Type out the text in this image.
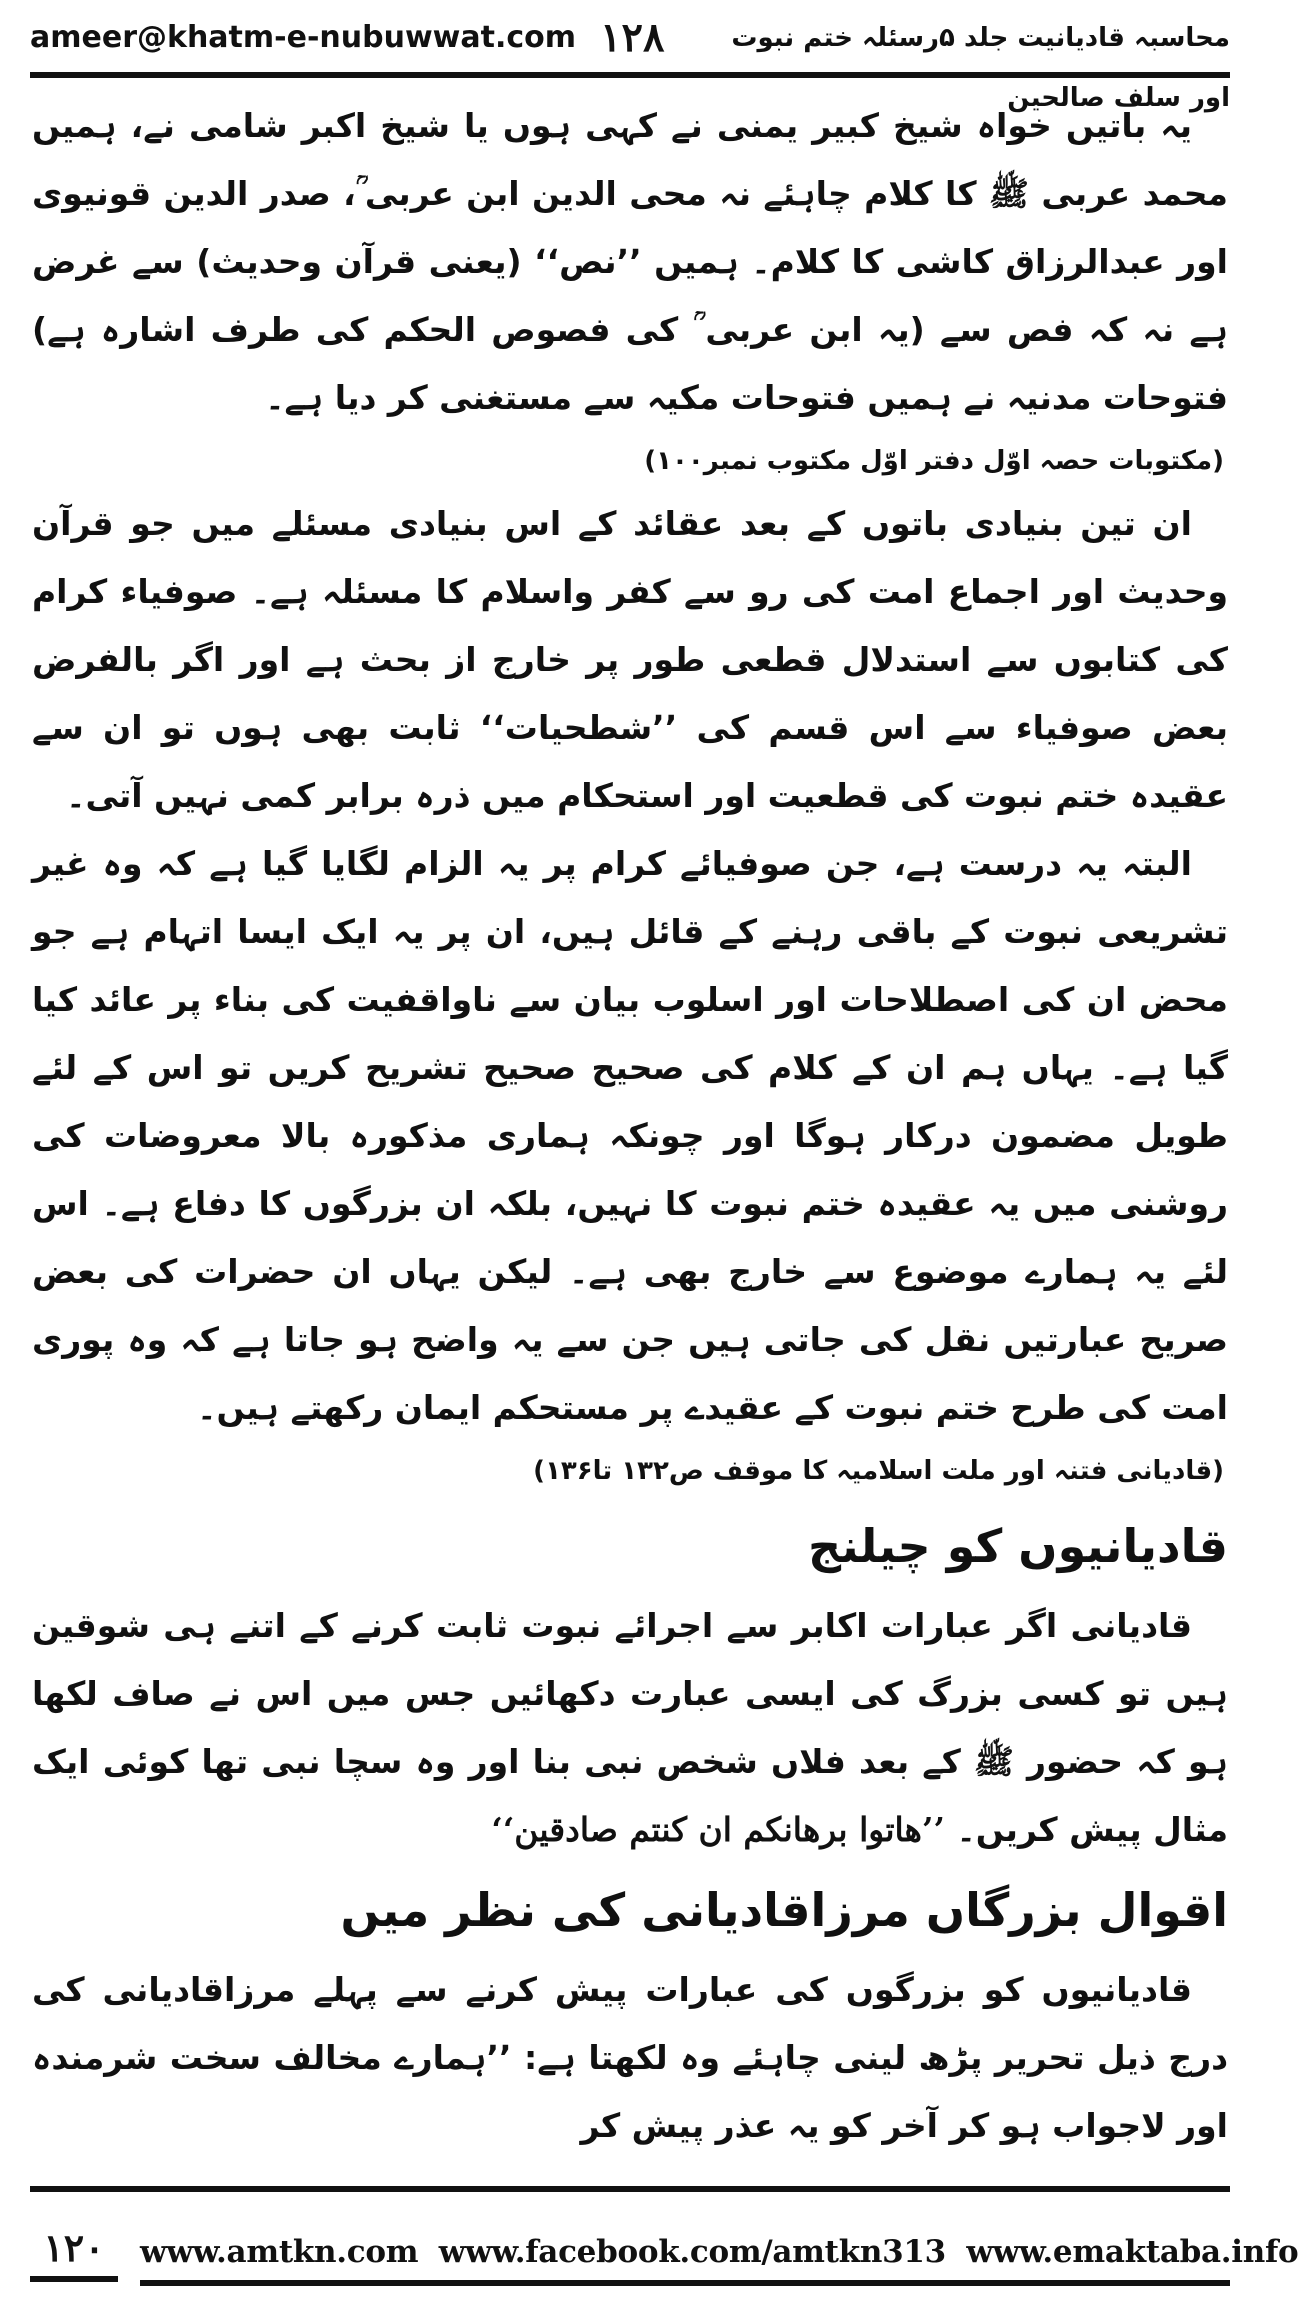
ameer@khatm-e-nubuwwat.com ۱۲۸	محاسبہ قادیانیت جلد ۵رسئلہ ختم نبوت اور سلف صالحین

یہ باتیں خواہ شیخ کبیر یمنی نے کہی ہوں یا شیخ اکبر شامی نے، ہمیں محمد عربی ﷺ کا کلام چاہئے نہ محی الدین ابن عربی ؒ، صدر الدین قونیوی اور عبدالرزاق کاشی کا کلام۔ ہمیں ’’نص‘‘ (یعنی قرآن وحدیث) سے غرض ہے نہ کہ فص سے (یہ ابن عربی ؒ کی فصوص الحکم کی طرف اشارہ ہے) فتوحات مدنیہ نے ہمیں فتوحات مکیہ سے مستغنی کر دیا ہے۔

(مکتوبات حصہ اوّل دفتر اوّل مکتوب نمبر۱۰۰)

ان تین بنیادی باتوں کے بعد عقائد کے اس بنیادی مسئلے میں جو قرآن وحدیث اور اجماع امت کی رو سے کفر واسلام کا مسئلہ ہے۔ صوفیاء کرام کی کتابوں سے استدلال قطعی طور پر خارج از بحث ہے اور اگر بالفرض بعض صوفیاء سے اس قسم کی ’’شطحیات‘‘ ثابت بھی ہوں تو ان سے عقیدہ ختم نبوت کی قطعیت اور استحکام میں ذرہ برابر کمی نہیں آتی۔

البتہ یہ درست ہے، جن صوفیائے کرام پر یہ الزام لگایا گیا ہے کہ وہ غیر تشریعی نبوت کے باقی رہنے کے قائل ہیں، ان پر یہ ایک ایسا اتہام ہے جو محض ان کی اصطلاحات اور اسلوب بیان سے ناواقفیت کی بناء پر عائد کیا گیا ہے۔ یہاں ہم ان کے کلام کی صحیح صحیح تشریح کریں تو اس کے لئے طویل مضمون درکار ہوگا اور چونکہ ہماری مذکورہ بالا معروضات کی روشنی میں یہ عقیدہ ختم نبوت کا نہیں، بلکہ ان بزرگوں کا دفاع ہے۔ اس لئے یہ ہمارے موضوع سے خارج بھی ہے۔ لیکن یہاں ان حضرات کی بعض صریح عبارتیں نقل کی جاتی ہیں جن سے یہ واضح ہو جاتا ہے کہ وہ پوری امت کی طرح ختم نبوت کے عقیدے پر مستحکم ایمان رکھتے ہیں۔

(قادیانی فتنہ اور ملت اسلامیہ کا موقف ص۱۳۲ تا۱۳۶)

قادیانیوں کو چیلنج

قادیانی اگر عبارات اکابر سے اجرائے نبوت ثابت کرنے کے اتنے ہی شوقین ہیں تو کسی بزرگ کی ایسی عبارت دکھائیں جس میں اس نے صاف لکھا ہو کہ حضور ﷺ کے بعد فلاں شخص نبی بنا اور وہ سچا نبی تھا کوئی ایک مثال پیش کریں۔ ’’هاتوا برهانكم ان كنتم صادقين‘‘

اقوال بزرگاں مرزاقادیانی کی نظر میں

قادیانیوں کو بزرگوں کی عبارات پیش کرنے سے پہلے مرزاقادیانی کی درج ذیل تحریر پڑھ لینی چاہئے وہ لکھتا ہے: ’’ہمارے مخالف سخت شرمندہ اور لاجواب ہو کر آخر کو یہ عذر پیش کر

۱۲۰	www.amtkn.com www.facebook.com/amtkn313 www.emaktaba.info
